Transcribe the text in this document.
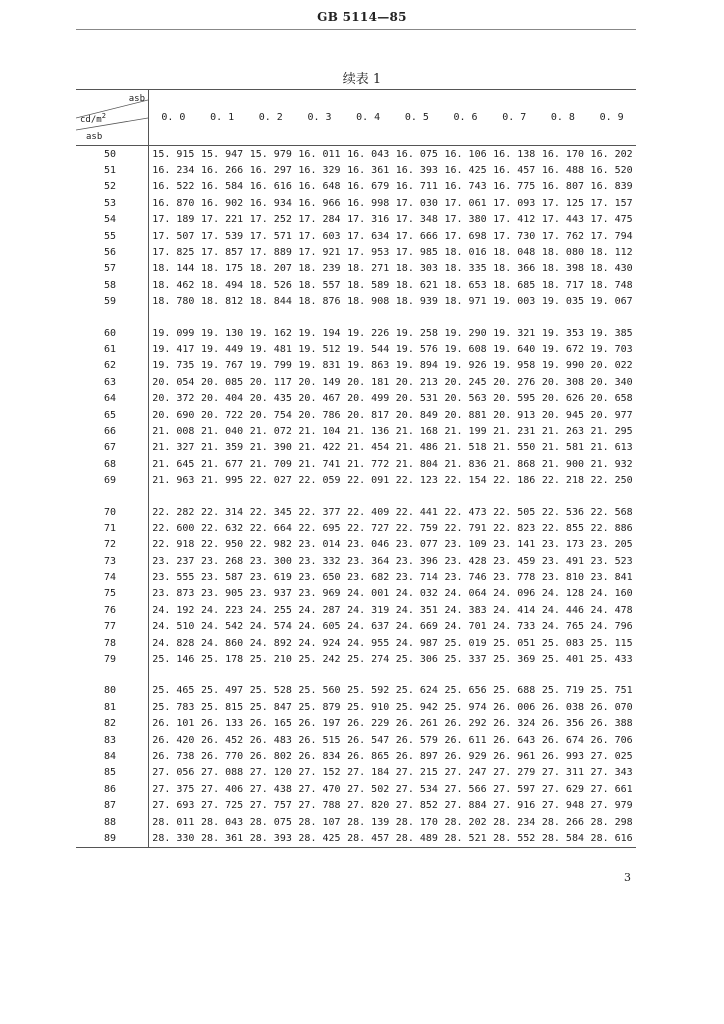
GB 5114—85
续表 1
asb
$cd/m^2$
asb	0. 0	0. 1	0. 2	0. 3	0. 4	0. 5	0. 6	0. 7	0. 8	0. 9
50	15. 915	15. 947	15. 979	16. 011	16. 043	16. 075	16. 106	16. 138	16. 170	16. 202
51	16. 234	16. 266	16. 297	16. 329	16. 361	16. 393	16. 425	16. 457	16. 488	16. 520
52	16. 522	16. 584	16. 616	16. 648	16. 679	16. 711	16. 743	16. 775	16. 807	16. 839
53	16. 870	16. 902	16. 934	16. 966	16. 998	17. 030	17. 061	17. 093	17. 125	17. 157
54	17. 189	17. 221	17. 252	17. 284	17. 316	17. 348	17. 380	17. 412	17. 443	17. 475
55	17. 507	17. 539	17. 571	17. 603	17. 634	17. 666	17. 698	17. 730	17. 762	17. 794
56	17. 825	17. 857	17. 889	17. 921	17. 953	17. 985	18. 016	18. 048	18. 080	18. 112
57	18. 144	18. 175	18. 207	18. 239	18. 271	18. 303	18. 335	18. 366	18. 398	18. 430
58	18. 462	18. 494	18. 526	18. 557	18. 589	18. 621	18. 653	18. 685	18. 717	18. 748
59	18. 780	18. 812	18. 844	18. 876	18. 908	18. 939	18. 971	19. 003	19. 035	19. 067

60	19. 099	19. 130	19. 162	19. 194	19. 226	19. 258	19. 290	19. 321	19. 353	19. 385
61	19. 417	19. 449	19. 481	19. 512	19. 544	19. 576	19. 608	19. 640	19. 672	19. 703
62	19. 735	19. 767	19. 799	19. 831	19. 863	19. 894	19. 926	19. 958	19. 990	20. 022
63	20. 054	20. 085	20. 117	20. 149	20. 181	20. 213	20. 245	20. 276	20. 308	20. 340
64	20. 372	20. 404	20. 435	20. 467	20. 499	20. 531	20. 563	20. 595	20. 626	20. 658
65	20. 690	20. 722	20. 754	20. 786	20. 817	20. 849	20. 881	20. 913	20. 945	20. 977
66	21. 008	21. 040	21. 072	21. 104	21. 136	21. 168	21. 199	21. 231	21. 263	21. 295
67	21. 327	21. 359	21. 390	21. 422	21. 454	21. 486	21. 518	21. 550	21. 581	21. 613
68	21. 645	21. 677	21. 709	21. 741	21. 772	21. 804	21. 836	21. 868	21. 900	21. 932
69	21. 963	21. 995	22. 027	22. 059	22. 091	22. 123	22. 154	22. 186	22. 218	22. 250

70	22. 282	22. 314	22. 345	22. 377	22. 409	22. 441	22. 473	22. 505	22. 536	22. 568
71	22. 600	22. 632	22. 664	22. 695	22. 727	22. 759	22. 791	22. 823	22. 855	22. 886
72	22. 918	22. 950	22. 982	23. 014	23. 046	23. 077	23. 109	23. 141	23. 173	23. 205
73	23. 237	23. 268	23. 300	23. 332	23. 364	23. 396	23. 428	23. 459	23. 491	23. 523
74	23. 555	23. 587	23. 619	23. 650	23. 682	23. 714	23. 746	23. 778	23. 810	23. 841
75	23. 873	23. 905	23. 937	23. 969	24. 001	24. 032	24. 064	24. 096	24. 128	24. 160
76	24. 192	24. 223	24. 255	24. 287	24. 319	24. 351	24. 383	24. 414	24. 446	24. 478
77	24. 510	24. 542	24. 574	24. 605	24. 637	24. 669	24. 701	24. 733	24. 765	24. 796
78	24. 828	24. 860	24. 892	24. 924	24. 955	24. 987	25. 019	25. 051	25. 083	25. 115
79	25. 146	25. 178	25. 210	25. 242	25. 274	25. 306	25. 337	25. 369	25. 401	25. 433

80	25. 465	25. 497	25. 528	25. 560	25. 592	25. 624	25. 656	25. 688	25. 719	25. 751
81	25. 783	25. 815	25. 847	25. 879	25. 910	25. 942	25. 974	26. 006	26. 038	26. 070
82	26. 101	26. 133	26. 165	26. 197	26. 229	26. 261	26. 292	26. 324	26. 356	26. 388
83	26. 420	26. 452	26. 483	26. 515	26. 547	26. 579	26. 611	26. 643	26. 674	26. 706
84	26. 738	26. 770	26. 802	26. 834	26. 865	26. 897	26. 929	26. 961	26. 993	27. 025
85	27. 056	27. 088	27. 120	27. 152	27. 184	27. 215	27. 247	27. 279	27. 311	27. 343
86	27. 375	27. 406	27. 438	27. 470	27. 502	27. 534	27. 566	27. 597	27. 629	27. 661
87	27. 693	27. 725	27. 757	27. 788	27. 820	27. 852	27. 884	27. 916	27. 948	27. 979
88	28. 011	28. 043	28. 075	28. 107	28. 139	28. 170	28. 202	28. 234	28. 266	28. 298
89	28. 330	28. 361	28. 393	28. 425	28. 457	28. 489	28. 521	28. 552	28. 584	28. 616
3
